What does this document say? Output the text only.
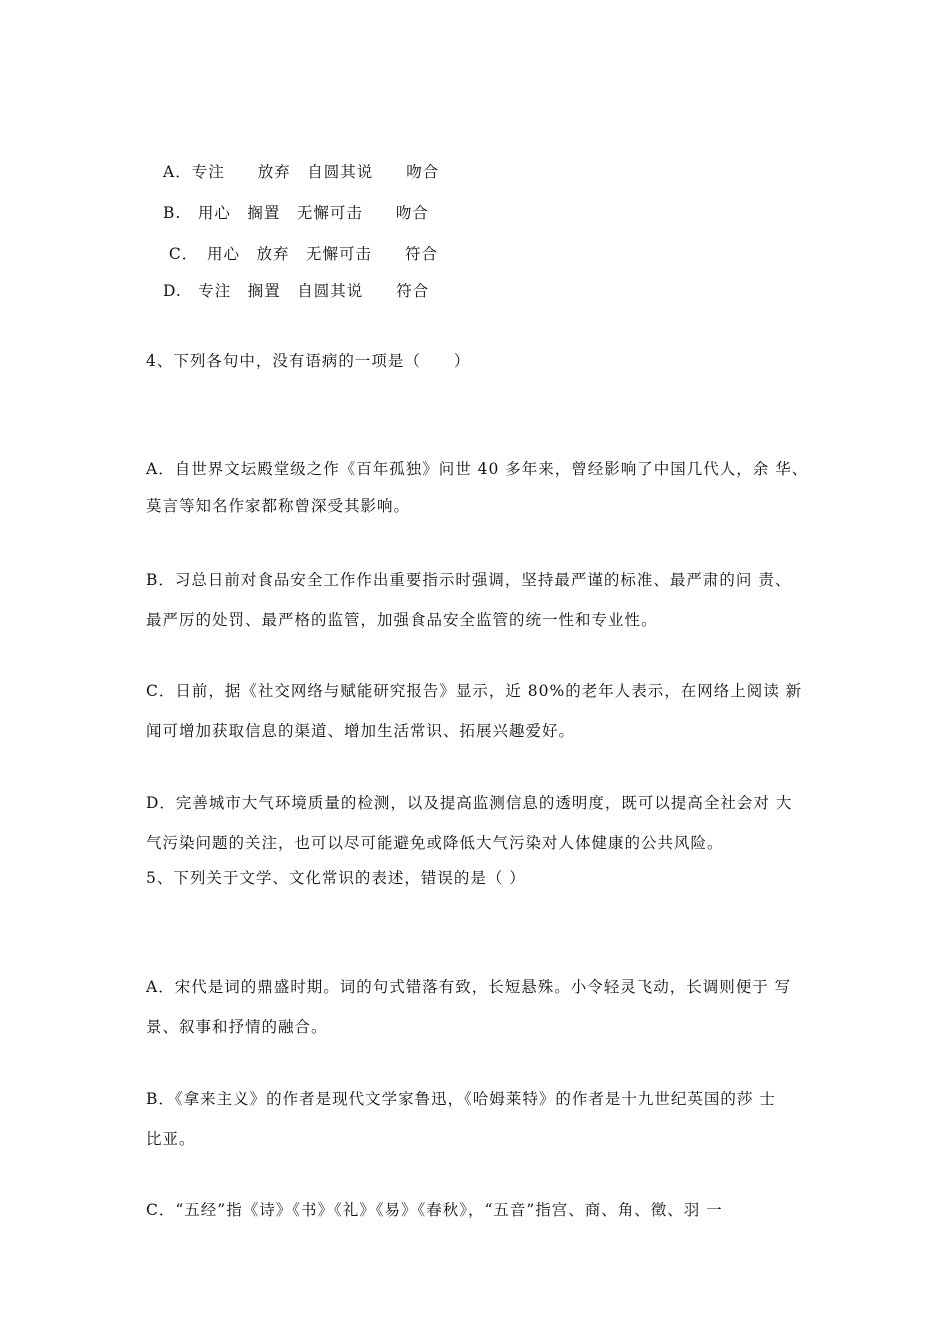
A．专注　　放弃　自圆其说　　吻合
B.　用心　搁置　无懈可击　　吻合
C．　用心　放弃　无懈可击　　符合
D.　专注　搁置　自圆其说　　符合
4、下列各句中，没有语病的一项是（　　）

A．自世界文坛殿堂级之作《百年孤独》问世 40 多年来，曾经影响了中国几代人，余 华、

莫言等知名作家都称曾深受其影响。

B．习总日前对食品安全工作作出重要指示时强调，坚持最严谨的标准、最严肃的问 责、

最严厉的处罚、最严格的监管，加强食品安全监管的统一性和专业性。

C．日前，据《社交网络与赋能研究报告》显示，近 80%的老年人表示，在网络上阅读 新

闻可增加获取信息的渠道、增加生活常识、拓展兴趣爱好。

D．完善城市大气环境质量的检测，以及提高监测信息的透明度，既可以提高全社会对 大

气污染问题的关注，也可以尽可能避免或降低大气污染对人体健康的公共风险。

5、下列关于文学、文化常识的表述，错误的是（ ）

A．宋代是词的鼎盛时期。词的句式错落有致，长短悬殊。小令轻灵飞动，长调则便于 写

景、叙事和抒情的融合。

B．《拿来主义》的作者是现代文学家鲁迅，《哈姆莱特》的作者是十九世纪英国的莎 士

比亚。

C．“五经”指《诗》《书》《礼》《易》《春秋》，“五音”指宫、商、角、徵、羽 一
